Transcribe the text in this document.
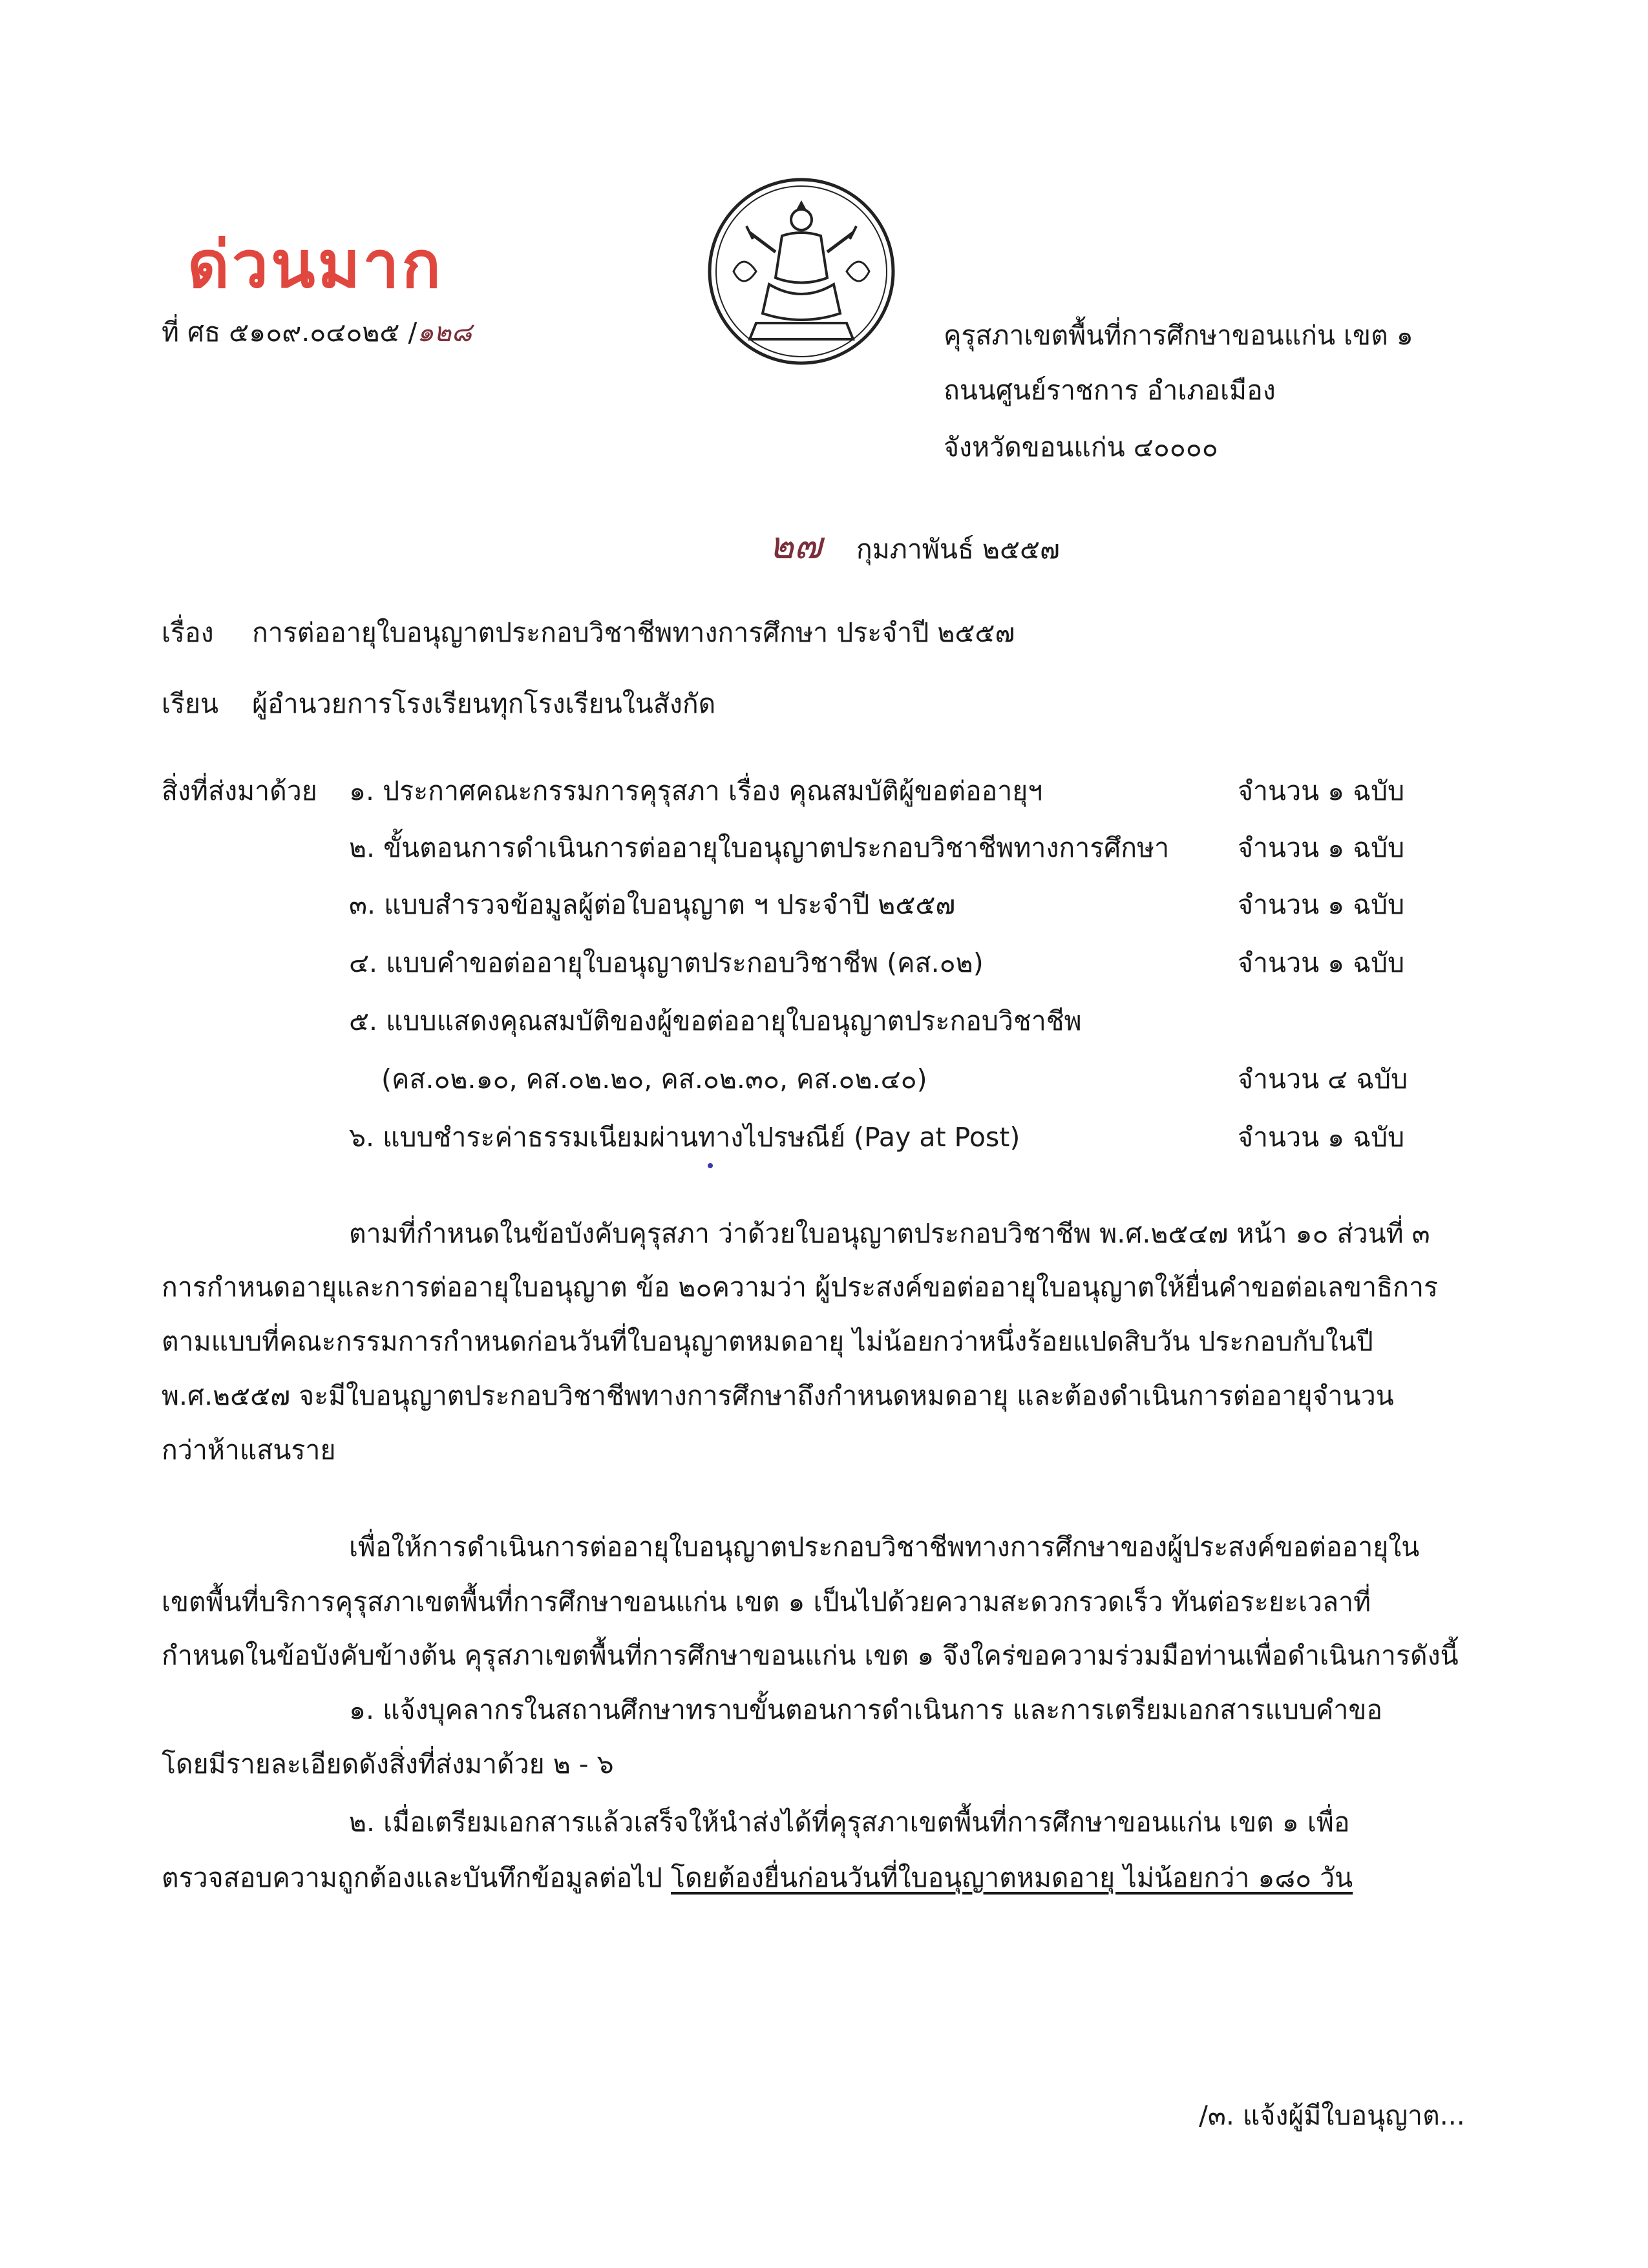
ด่วนมาก
ที่ ศธ ๕๑๐๙.๐๔๐๒๕ /๑๒๘	คุรุสภาเขตพื้นที่การศึกษาขอนแก่น เขต ๑
ถนนศูนย์ราชการ อำเภอเมือง
จังหวัดขอนแก่น ๔๐๐๐๐
๒๗ กุมภาพันธ์ ๒๕๕๗
เรื่อง การต่ออายุใบอนุญาตประกอบวิชาชีพทางการศึกษา ประจำปี ๒๕๕๗
เรียน ผู้อำนวยการโรงเรียนทุกโรงเรียนในสังกัด
สิ่งที่ส่งมาด้วย ๑. ประกาศคณะกรรมการคุรุสภา เรื่อง คุณสมบัติผู้ขอต่ออายุฯ	จำนวน ๑ ฉบับ
๒. ขั้นตอนการดำเนินการต่ออายุใบอนุญาตประกอบวิชาชีพทางการศึกษา	จำนวน ๑ ฉบับ
๓. แบบสำรวจข้อมูลผู้ต่อใบอนุญาต ฯ ประจำปี ๒๕๕๗	จำนวน ๑ ฉบับ
๔. แบบคำขอต่ออายุใบอนุญาตประกอบวิชาชีพ (คส.๐๒)	จำนวน ๑ ฉบับ
๕. แบบแสดงคุณสมบัติของผู้ขอต่ออายุใบอนุญาตประกอบวิชาชีพ
(คส.๐๒.๑๐, คส.๐๒.๒๐, คส.๐๒.๓๐, คส.๐๒.๔๐)	จำนวน ๔ ฉบับ
๖. แบบชำระค่าธรรมเนียมผ่านทางไปรษณีย์ (Pay at Post)	จำนวน ๑ ฉบับ
ตามที่กำหนดในข้อบังคับคุรุสภา ว่าด้วยใบอนุญาตประกอบวิชาชีพ พ.ศ.๒๕๔๗ หน้า ๑๐ ส่วนที่ ๓
การกำหนดอายุและการต่ออายุใบอนุญาต ข้อ ๒๐ความว่า ผู้ประสงค์ขอต่ออายุใบอนุญาตให้ยื่นคำขอต่อเลขาธิการ
ตามแบบที่คณะกรรมการกำหนดก่อนวันที่ใบอนุญาตหมดอายุ ไม่น้อยกว่าหนึ่งร้อยแปดสิบวัน ประกอบกับในปี
พ.ศ.๒๕๕๗ จะมีใบอนุญาตประกอบวิชาชีพทางการศึกษาถึงกำหนดหมดอายุ และต้องดำเนินการต่ออายุจำนวน
กว่าห้าแสนราย
เพื่อให้การดำเนินการต่ออายุใบอนุญาตประกอบวิชาชีพทางการศึกษาของผู้ประสงค์ขอต่ออายุใน
เขตพื้นที่บริการคุรุสภาเขตพื้นที่การศึกษาขอนแก่น เขต ๑ เป็นไปด้วยความสะดวกรวดเร็ว ทันต่อระยะเวลาที่
กำหนดในข้อบังคับข้างต้น คุรุสภาเขตพื้นที่การศึกษาขอนแก่น เขต ๑ จึงใคร่ขอความร่วมมือท่านเพื่อดำเนินการดังนี้
๑. แจ้งบุคลากรในสถานศึกษาทราบขั้นตอนการดำเนินการ และการเตรียมเอกสารแบบคำขอ
โดยมีรายละเอียดดังสิ่งที่ส่งมาด้วย ๒ - ๖
๒. เมื่อเตรียมเอกสารแล้วเสร็จให้นำส่งได้ที่คุรุสภาเขตพื้นที่การศึกษาขอนแก่น เขต ๑ เพื่อ
ตรวจสอบความถูกต้องและบันทึกข้อมูลต่อไป โดยต้องยื่นก่อนวันที่ใบอนุญาตหมดอายุ ไม่น้อยกว่า ๑๘๐ วัน
/๓. แจ้งผู้มีใบอนุญาต...
